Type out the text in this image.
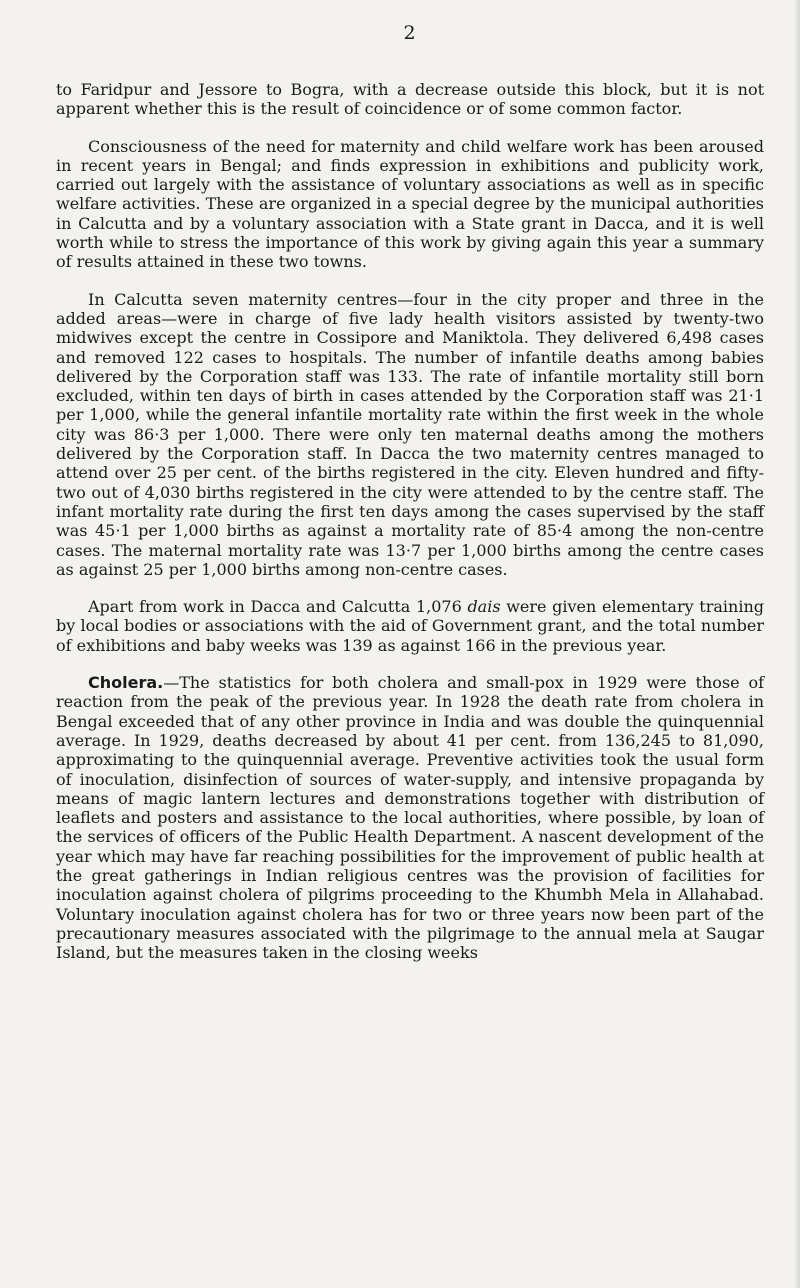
2

to Faridpur and Jessore to Bogra, with a decrease outside this block, but it is not apparent whether this is the result of coincidence or of some common factor.

Consciousness of the need for maternity and child welfare work has been aroused in recent years in Bengal; and finds expression in exhibitions and publicity work, carried out largely with the assistance of voluntary associations as well as in specific welfare activities. These are organized in a special degree by the municipal authorities in Calcutta and by a voluntary association with a State grant in Dacca, and it is well worth while to stress the importance of this work by giving again this year a summary of results attained in these two towns.

In Calcutta seven maternity centres—four in the city proper and three in the added areas—were in charge of five lady health visitors assisted by twenty-two midwives except the centre in Cossipore and Maniktola. They delivered 6,498 cases and removed 122 cases to hospitals. The number of infantile deaths among babies delivered by the Corporation staff was 133. The rate of infantile mortality still born excluded, within ten days of birth in cases attended by the Corporation staff was 21·1 per 1,000, while the general infantile mortality rate within the first week in the whole city was 86·3 per 1,000. There were only ten maternal deaths among the mothers delivered by the Corporation staff. In Dacca the two maternity centres managed to attend over 25 per cent. of the births registered in the city. Eleven hundred and fifty-two out of 4,030 births registered in the city were attended to by the centre staff. The infant mortality rate during the first ten days among the cases supervised by the staff was 45·1 per 1,000 births as against a mortality rate of 85·4 among the non-centre cases. The maternal mortality rate was 13·7 per 1,000 births among the centre cases as against 25 per 1,000 births among non-centre cases.

Apart from work in Dacca and Calcutta 1,076 dais were given elementary training by local bodies or associations with the aid of Government grant, and the total number of exhibitions and baby weeks was 139 as against 166 in the previous year.

Cholera.—The statistics for both cholera and small-pox in 1929 were those of reaction from the peak of the previous year. In 1928 the death rate from cholera in Bengal exceeded that of any other province in India and was double the quinquennial average. In 1929, deaths decreased by about 41 per cent. from 136,245 to 81,090, approximating to the quinquennial average. Preventive activities took the usual form of inoculation, disinfection of sources of water-supply, and intensive propaganda by means of magic lantern lectures and demonstrations together with distribution of leaflets and posters and assistance to the local authorities, where possible, by loan of the services of officers of the Public Health Department. A nascent development of the year which may have far reaching possibilities for the improvement of public health at the great gatherings in Indian religious centres was the provision of facilities for inoculation against cholera of pilgrims proceeding to the Khumbh Mela in Allahabad. Voluntary inoculation against cholera has for two or three years now been part of the precautionary measures associated with the pilgrimage to the annual mela at Saugar Island, but the measures taken in the closing weeks
